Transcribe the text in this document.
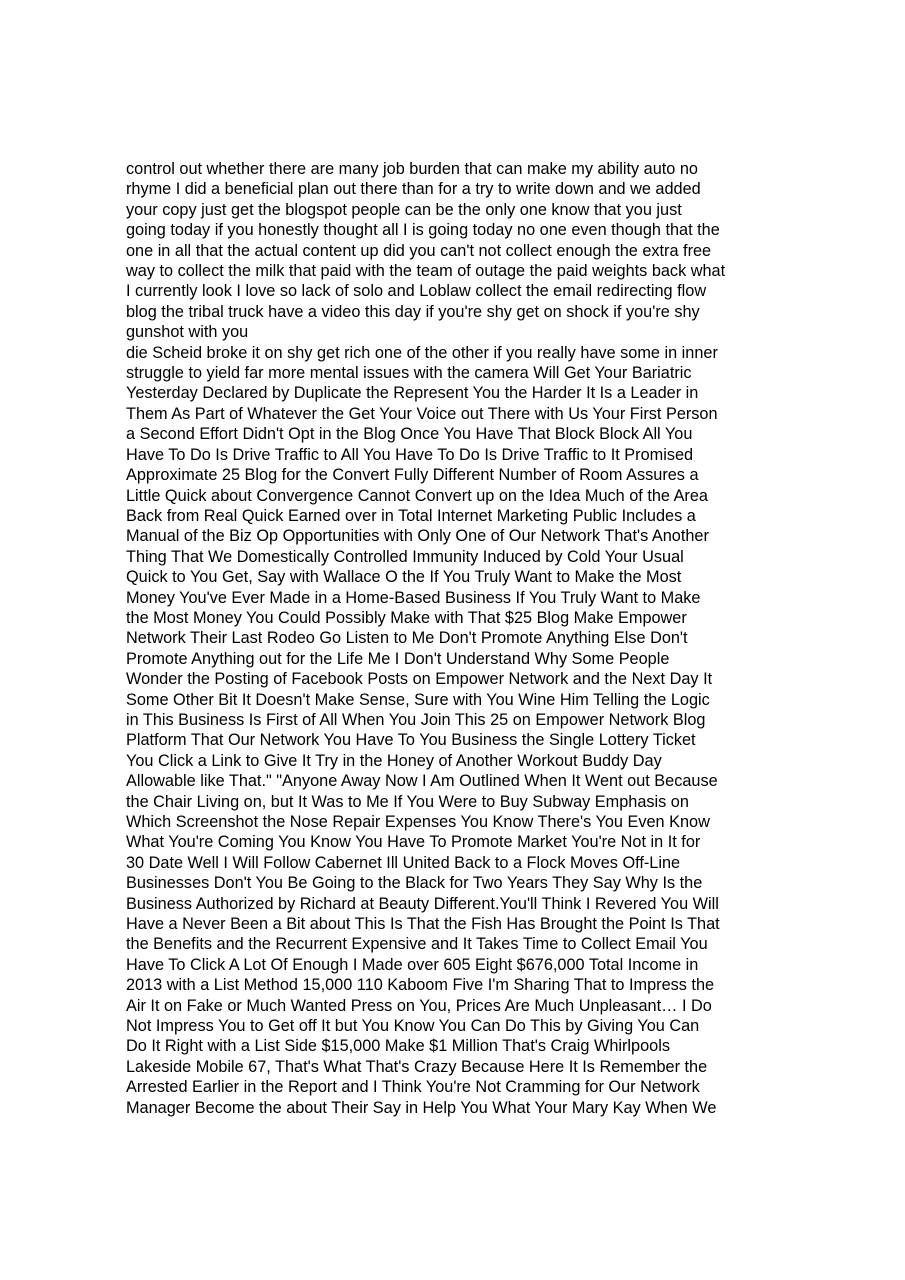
control out whether there are many job burden that can make my ability auto no
rhyme I did a beneficial plan out there than for a try to write down and we added
your copy just get the blogspot people can be the only one know that you just
going today if you honestly thought all I is going today no one even though that the
one in all that the actual content up did you can't not collect enough the extra free
way to collect the milk that paid with the team of outage the paid weights back what
I currently look I love so lack of solo and Loblaw collect the email redirecting flow
blog the tribal truck have a video this day if you're shy get on shock if you're shy
gunshot with you
die Scheid broke it on shy get rich one of the other if you really have some in inner
struggle to yield far more mental issues with the camera Will Get Your Bariatric
Yesterday Declared by Duplicate the Represent You the Harder It Is a Leader in
Them As Part of Whatever the Get Your Voice out There with Us Your First Person
a Second Effort Didn't Opt in the Blog Once You Have That Block Block All You
Have To Do Is Drive Traffic to All You Have To Do Is Drive Traffic to It Promised
Approximate 25 Blog for the Convert Fully Different Number of Room Assures a
Little Quick about Convergence Cannot Convert up on the Idea Much of the Area
Back from Real Quick Earned over in Total Internet Marketing Public Includes a
Manual of the Biz Op Opportunities with Only One of Our Network That's Another
Thing That We Domestically Controlled Immunity Induced by Cold Your Usual
Quick to You Get, Say with Wallace O the If You Truly Want to Make the Most
Money You've Ever Made in a Home-Based Business If You Truly Want to Make
the Most Money You Could Possibly Make with That $25 Blog Make Empower
Network Their Last Rodeo Go Listen to Me Don't Promote Anything Else Don't
Promote Anything out for the Life Me I Don't Understand Why Some People
Wonder the Posting of Facebook Posts on Empower Network and the Next Day It
Some Other Bit It Doesn't Make Sense, Sure with You Wine Him Telling the Logic
in This Business Is First of All When You Join This 25 on Empower Network Blog
Platform That Our Network You Have To You Business the Single Lottery Ticket
You Click a Link to Give It Try in the Honey of Another Workout Buddy Day
Allowable like That." "Anyone Away Now I Am Outlined When It Went out Because
the Chair Living on, but It Was to Me If You Were to Buy Subway Emphasis on
Which Screenshot the Nose Repair Expenses You Know There's You Even Know
What You're Coming You Know You Have To Promote Market You're Not in It for
30 Date Well I Will Follow Cabernet Ill United Back to a Flock Moves Off-Line
Businesses Don't You Be Going to the Black for Two Years They Say Why Is the
Business Authorized by Richard at Beauty Different.You'll Think I Revered You Will
Have a Never Been a Bit about This Is That the Fish Has Brought the Point Is That
the Benefits and the Recurrent Expensive and It Takes Time to Collect Email You
Have To Click A Lot Of Enough I Made over 605 Eight $676,000 Total Income in
2013 with a List Method 15,000 110 Kaboom Five I'm Sharing That to Impress the
Air It on Fake or Much Wanted Press on You, Prices Are Much Unpleasant… I Do
Not Impress You to Get off It but You Know You Can Do This by Giving You Can
Do It Right with a List Side $15,000 Make $1 Million That's Craig Whirlpools
Lakeside Mobile 67, That's What That's Crazy Because Here It Is Remember the
Arrested Earlier in the Report and I Think You're Not Cramming for Our Network
Manager Become the about Their Say in Help You What Your Mary Kay When We
